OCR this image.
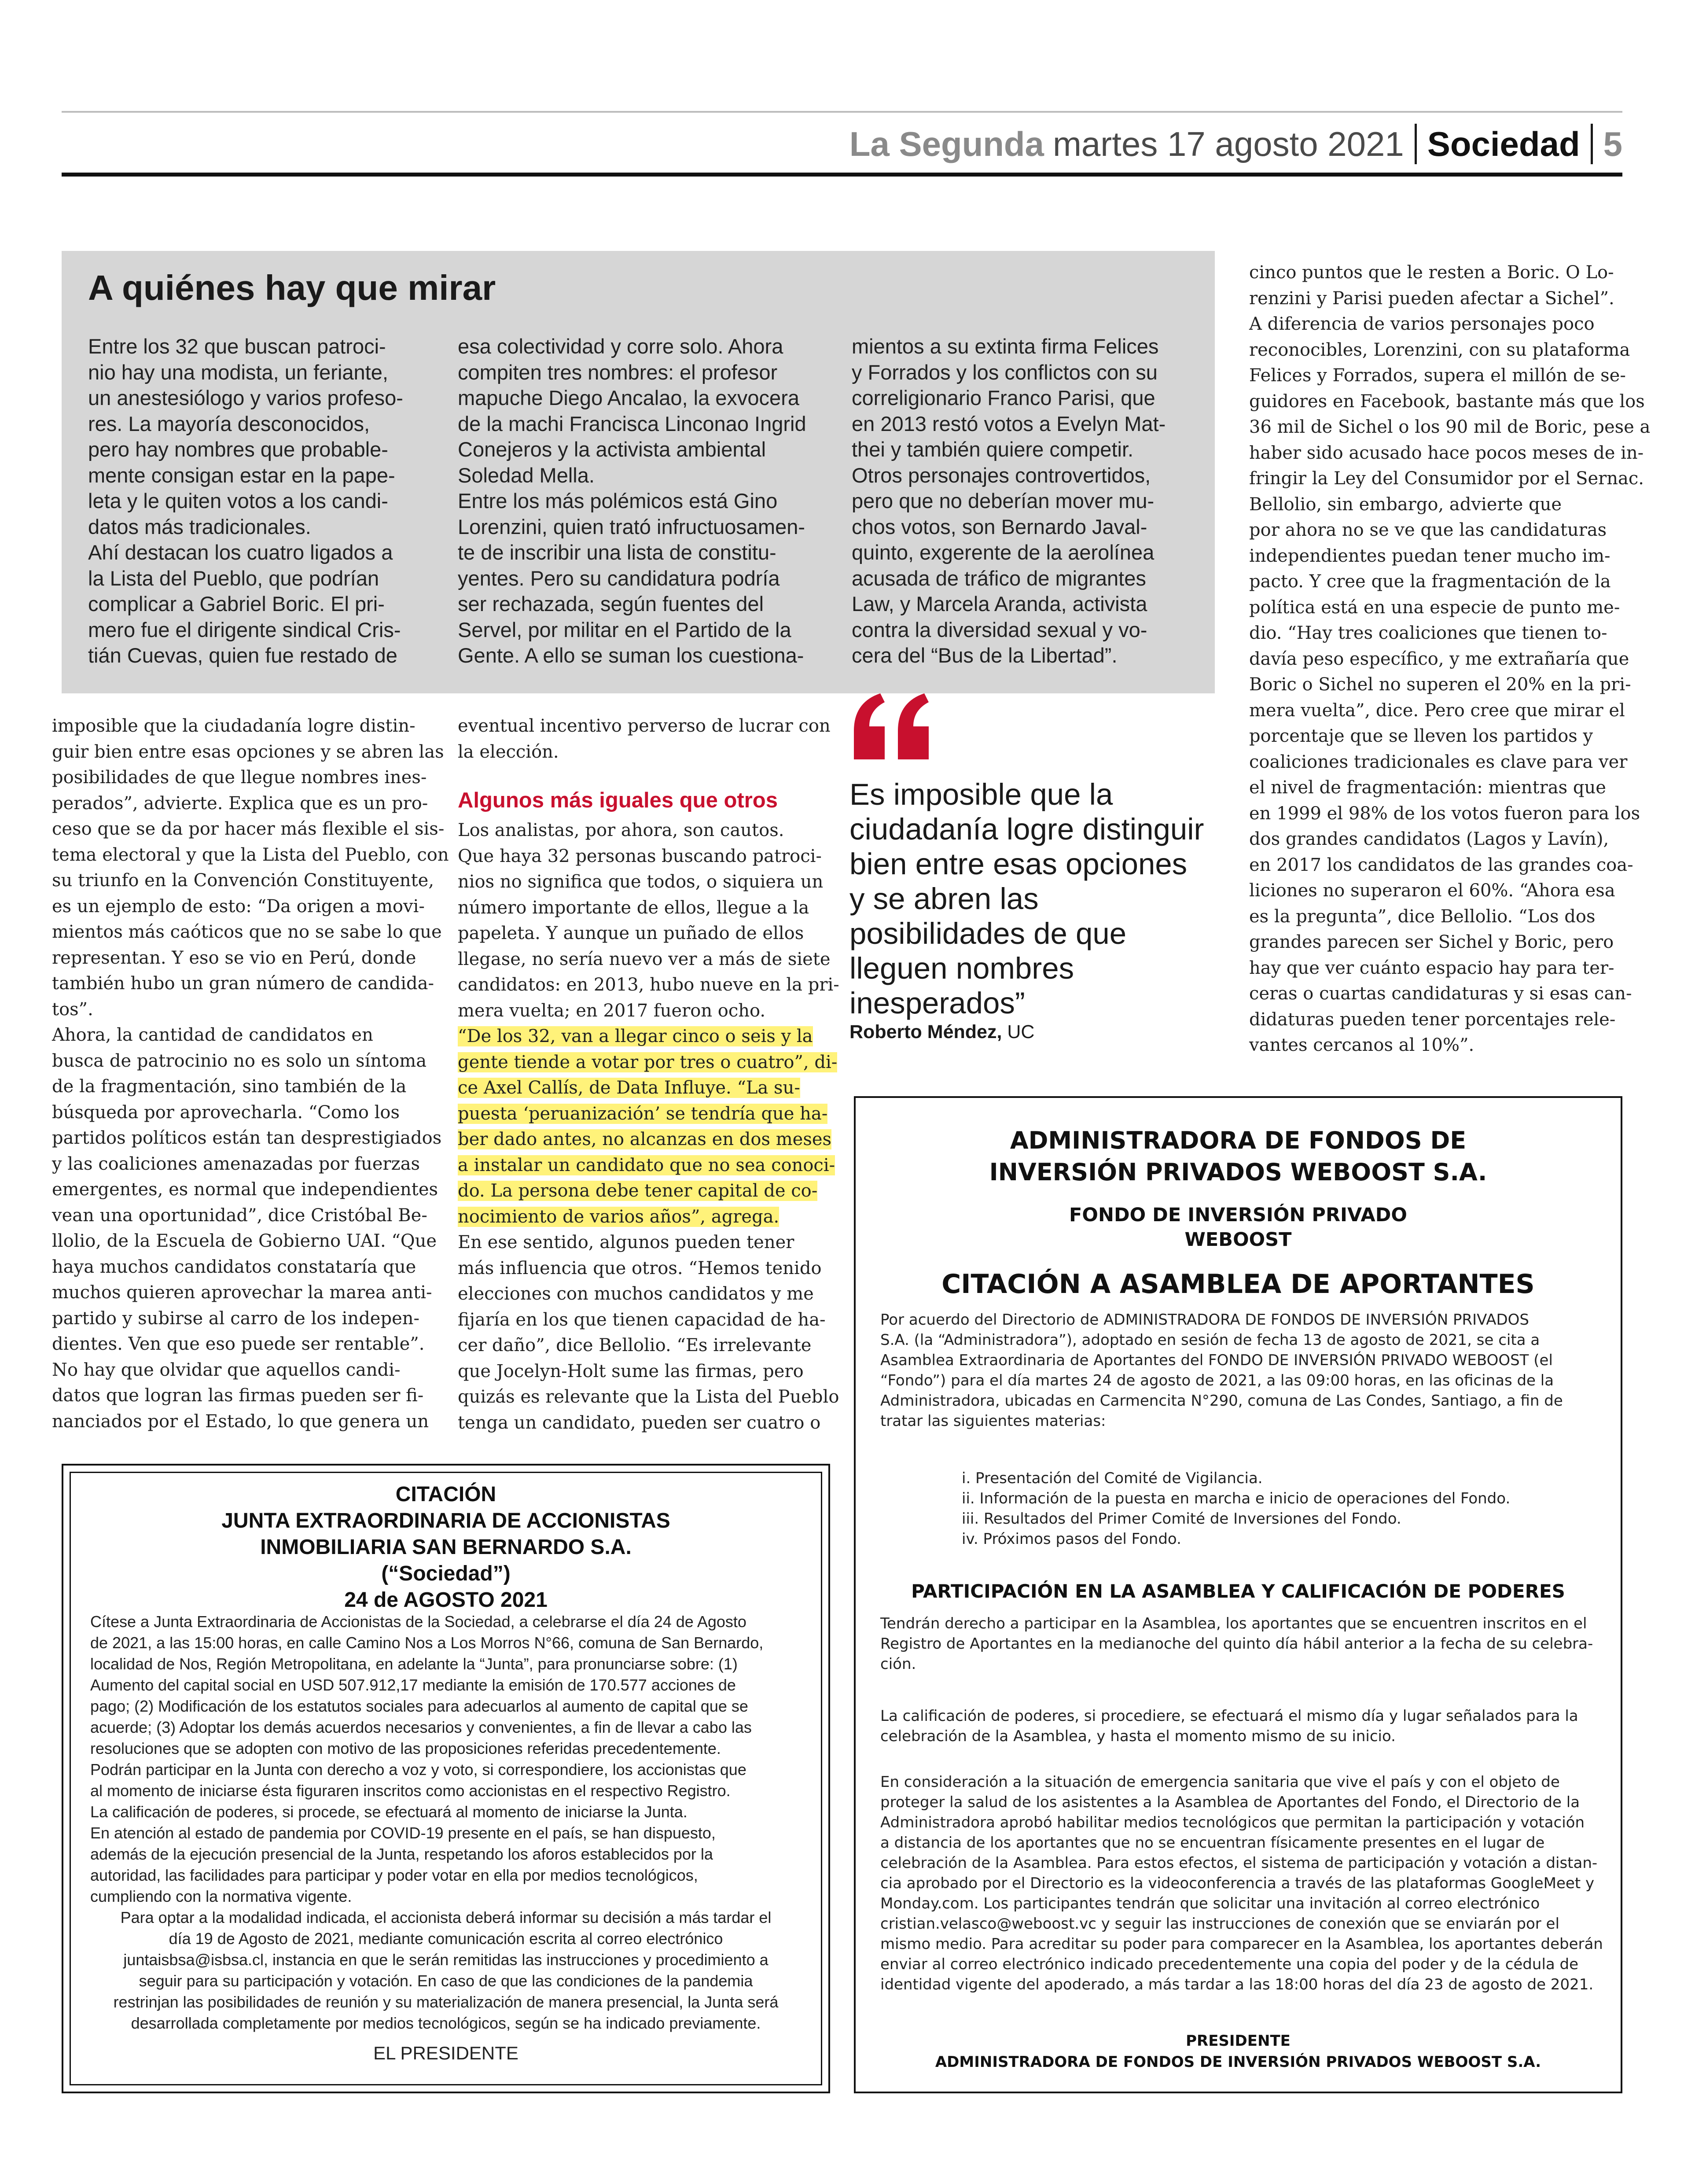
La Segunda martes 17 agosto 2021 Sociedad 5
A quiénes hay que mirar
Entre los 32 que buscan patroci-
nio hay una modista, un feriante,
un anestesiólogo y varios profeso-
res. La mayoría desconocidos,
pero hay nombres que probable-
mente consigan estar en la pape-
leta y le quiten votos a los candi-
datos más tradicionales.
Ahí destacan los cuatro ligados a
la Lista del Pueblo, que podrían
complicar a Gabriel Boric. El pri-
mero fue el dirigente sindical Cris-
tián Cuevas, quien fue restado de
esa colectividad y corre solo. Ahora
compiten tres nombres: el profesor
mapuche Diego Ancalao, la exvocera
de la machi Francisca Linconao Ingrid
Conejeros y la activista ambiental
Soledad Mella.
Entre los más polémicos está Gino
Lorenzini, quien trató infructuosamen-
te de inscribir una lista de constitu-
yentes. Pero su candidatura podría
ser rechazada, según fuentes del
Servel, por militar en el Partido de la
Gente. A ello se suman los cuestiona-
mientos a su extinta firma Felices
y Forrados y los conflictos con su
correligionario Franco Parisi, que
en 2013 restó votos a Evelyn Mat-
thei y también quiere competir.
Otros personajes controvertidos,
pero que no deberían mover mu-
chos votos, son Bernardo Javal-
quinto, exgerente de la aerolínea
acusada de tráfico de migrantes
Law, y Marcela Aranda, activista
contra la diversidad sexual y vo-
cera del “Bus de la Libertad”.
imposible que la ciudadanía logre distin-
guir bien entre esas opciones y se abren las
posibilidades de que llegue nombres ines-
perados”, advierte. Explica que es un pro-
ceso que se da por hacer más flexible el sis-
tema electoral y que la Lista del Pueblo, con
su triunfo en la Convención Constituyente,
es un ejemplo de esto: “Da origen a movi-
mientos más caóticos que no se sabe lo que
representan. Y eso se vio en Perú, donde
también hubo un gran número de candida-
tos”.
Ahora, la cantidad de candidatos en
busca de patrocinio no es solo un síntoma
de la fragmentación, sino también de la
búsqueda por aprovecharla. “Como los
partidos políticos están tan desprestigiados
y las coaliciones amenazadas por fuerzas
emergentes, es normal que independientes
vean una oportunidad”, dice Cristóbal Be-
llolio, de la Escuela de Gobierno UAI. “Que
haya muchos candidatos constataría que
muchos quieren aprovechar la marea anti-
partido y subirse al carro de los indepen-
dientes. Ven que eso puede ser rentable”.
No hay que olvidar que aquellos candi-
datos que logran las firmas pueden ser fi-
nanciados por el Estado, lo que genera un
eventual incentivo perverso de lucrar con
la elección.
Algunos más iguales que otros
Los analistas, por ahora, son cautos.
Que haya 32 personas buscando patroci-
nios no significa que todos, o siquiera un
número importante de ellos, llegue a la
papeleta. Y aunque un puñado de ellos
llegase, no sería nuevo ver a más de siete
candidatos: en 2013, hubo nueve en la pri-
mera vuelta; en 2017 fueron ocho.
“De los 32, van a llegar cinco o seis y la
gente tiende a votar por tres o cuatro”, di-
ce Axel Callís, de Data Influye. “La su-
puesta ‘peruanización’ se tendría que ha-
ber dado antes, no alcanzas en dos meses
a instalar un candidato que no sea conoci-
do. La persona debe tener capital de co-
nocimiento de varios años”, agrega.
En ese sentido, algunos pueden tener
más influencia que otros. “Hemos tenido
elecciones con muchos candidatos y me
fijaría en los que tienen capacidad de ha-
cer daño”, dice Bellolio. “Es irrelevante
que Jocelyn-Holt sume las firmas, pero
quizás es relevante que la Lista del Pueblo
tenga un candidato, pueden ser cuatro o
cinco puntos que le resten a Boric. O Lo-
renzini y Parisi pueden afectar a Sichel”.
A diferencia de varios personajes poco
reconocibles, Lorenzini, con su plataforma
Felices y Forrados, supera el millón de se-
guidores en Facebook, bastante más que los
36 mil de Sichel o los 90 mil de Boric, pese a
haber sido acusado hace pocos meses de in-
fringir la Ley del Consumidor por el Sernac.
Bellolio, sin embargo, advierte que
por ahora no se ve que las candidaturas
independientes puedan tener mucho im-
pacto. Y cree que la fragmentación de la
política está en una especie de punto me-
dio. “Hay tres coaliciones que tienen to-
davía peso específico, y me extrañaría que
Boric o Sichel no superen el 20% en la pri-
mera vuelta”, dice. Pero cree que mirar el
porcentaje que se lleven los partidos y
coaliciones tradicionales es clave para ver
el nivel de fragmentación: mientras que
en 1999 el 98% de los votos fueron para los
dos grandes candidatos (Lagos y Lavín),
en 2017 los candidatos de las grandes coa-
liciones no superaron el 60%. “Ahora esa
es la pregunta”, dice Bellolio. “Los dos
grandes parecen ser Sichel y Boric, pero
hay que ver cuánto espacio hay para ter-
ceras o cuartas candidaturas y si esas can-
didaturas pueden tener porcentajes rele-
vantes cercanos al 10%”.
Es imposible que la
ciudadanía logre distinguir
bien entre esas opciones
y se abren las
posibilidades de que
lleguen nombres
inesperados”
Roberto Méndez, UC
CITACIÓN
JUNTA EXTRAORDINARIA DE ACCIONISTAS
INMOBILIARIA SAN BERNARDO S.A.
(“Sociedad”)
24 de AGOSTO 2021
Cítese a Junta Extraordinaria de Accionistas de la Sociedad, a celebrarse el día 24 de Agosto
de 2021, a las 15:00 horas, en calle Camino Nos a Los Morros N°66, comuna de San Bernardo,
localidad de Nos, Región Metropolitana, en adelante la “Junta”, para pronunciarse sobre: (1)
Aumento del capital social en USD 507.912,17 mediante la emisión de 170.577 acciones de
pago; (2) Modificación de los estatutos sociales para adecuarlos al aumento de capital que se
acuerde; (3) Adoptar los demás acuerdos necesarios y convenientes, a fin de llevar a cabo las
resoluciones que se adopten con motivo de las proposiciones referidas precedentemente.
Podrán participar en la Junta con derecho a voz y voto, si correspondiere, los accionistas que
al momento de iniciarse ésta figuraren inscritos como accionistas en el respectivo Registro.
La calificación de poderes, si procede, se efectuará al momento de iniciarse la Junta.
En atención al estado de pandemia por COVID-19 presente en el país, se han dispuesto,
además de la ejecución presencial de la Junta, respetando los aforos establecidos por la
autoridad, las facilidades para participar y poder votar en ella por medios tecnológicos,
cumpliendo con la normativa vigente.
Para optar a la modalidad indicada, el accionista deberá informar su decisión a más tardar el
día 19 de Agosto de 2021, mediante comunicación escrita al correo electrónico
juntaisbsa@isbsa.cl, instancia en que le serán remitidas las instrucciones y procedimiento a
seguir para su participación y votación. En caso de que las condiciones de la pandemia
restrinjan las posibilidades de reunión y su materialización de manera presencial, la Junta será
desarrollada completamente por medios tecnológicos, según se ha indicado previamente.
EL PRESIDENTE
ADMINISTRADORA DE FONDOS DE
INVERSIÓN PRIVADOS WEBOOST S.A.
FONDO DE INVERSIÓN PRIVADO
WEBOOST
CITACIÓN A ASAMBLEA DE APORTANTES
Por acuerdo del Directorio de ADMINISTRADORA DE FONDOS DE INVERSIÓN PRIVADOS
S.A. (la “Administradora”), adoptado en sesión de fecha 13 de agosto de 2021, se cita a
Asamblea Extraordinaria de Aportantes del FONDO DE INVERSIÓN PRIVADO WEBOOST (el
“Fondo”) para el día martes 24 de agosto de 2021, a las 09:00 horas, en las oficinas de la
Administradora, ubicadas en Carmencita N°290, comuna de Las Condes, Santiago, a fin de
tratar las siguientes materias:
i. Presentación del Comité de Vigilancia.
ii. Información de la puesta en marcha e inicio de operaciones del Fondo.
iii. Resultados del Primer Comité de Inversiones del Fondo.
iv. Próximos pasos del Fondo.
PARTICIPACIÓN EN LA ASAMBLEA Y CALIFICACIÓN DE PODERES
Tendrán derecho a participar en la Asamblea, los aportantes que se encuentren inscritos en el
Registro de Aportantes en la medianoche del quinto día hábil anterior a la fecha de su celebra-
ción.
La calificación de poderes, si procediere, se efectuará el mismo día y lugar señalados para la
celebración de la Asamblea, y hasta el momento mismo de su inicio.
En consideración a la situación de emergencia sanitaria que vive el país y con el objeto de
proteger la salud de los asistentes a la Asamblea de Aportantes del Fondo, el Directorio de la
Administradora aprobó habilitar medios tecnológicos que permitan la participación y votación
a distancia de los aportantes que no se encuentran físicamente presentes en el lugar de
celebración de la Asamblea. Para estos efectos, el sistema de participación y votación a distan-
cia aprobado por el Directorio es la videoconferencia a través de las plataformas GoogleMeet y
Monday.com. Los participantes tendrán que solicitar una invitación al correo electrónico
cristian.velasco@weboost.vc y seguir las instrucciones de conexión que se enviarán por el
mismo medio. Para acreditar su poder para comparecer en la Asamblea, los aportantes deberán
enviar al correo electrónico indicado precedentemente una copia del poder y de la cédula de
identidad vigente del apoderado, a más tardar a las 18:00 horas del día 23 de agosto de 2021.
PRESIDENTE
ADMINISTRADORA DE FONDOS DE INVERSIÓN PRIVADOS WEBOOST S.A.
